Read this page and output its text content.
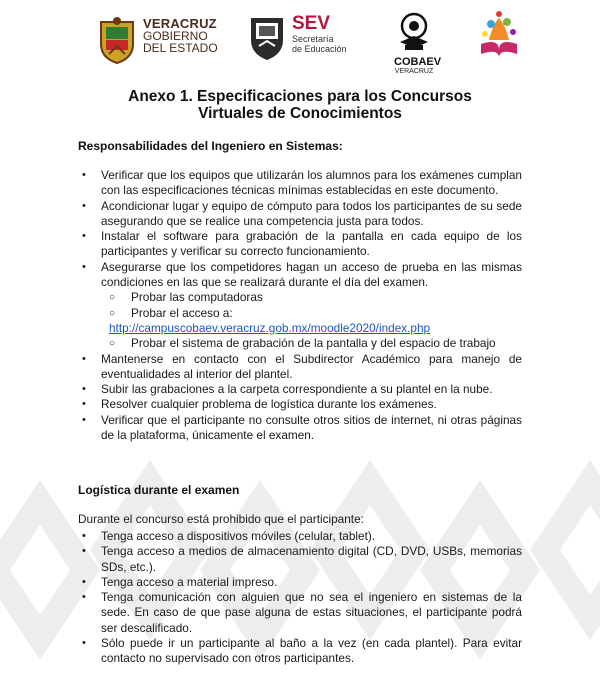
VERACRUZ
GOBIERNO
DEL ESTADO
SEV
Secretaría
de Educación
COBAEV
VERACRUZ
Anexo 1. Especificaciones para los Concursos
Virtuales de Conocimientos
Responsabilidades del Ingeniero en Sistemas:
• Verificar que los equipos que utilizarán los alumnos para los exámenes cumplan con las especificaciones técnicas mínimas establecidas en este documento.
• Acondicionar lugar y equipo de cómputo para todos los participantes de su sede asegurando que se realice una competencia justa para todos.
• Instalar el software para grabación de la pantalla en cada equipo de los participantes y verificar su correcto funcionamiento.
• Asegurarse que los competidores hagan un acceso de prueba en las mismas condiciones en las que se realizará durante el día del examen.
○ Probar las computadoras
○ Probar el acceso a:
http://campuscobaev.veracruz.gob.mx/moodle2020/index.php
○ Probar el sistema de grabación de la pantalla y del espacio de trabajo
• Mantenerse en contacto con el Subdirector Académico para manejo de eventualidades al interior del plantel.
• Subir las grabaciones a la carpeta correspondiente a su plantel en la nube.
• Resolver cualquier problema de logística durante los exámenes.
• Verificar que el participante no consulte otros sitios de internet, ni otras páginas de la plataforma, únicamente el examen.
Logística durante el examen
Durante el concurso está prohibido que el participante:
• Tenga acceso a dispositivos móviles (celular, tablet).
• Tenga acceso a medios de almacenamiento digital (CD, DVD, USBs, memorias SDs, etc.).
• Tenga acceso a material impreso.
• Tenga comunicación con alguien que no sea el ingeniero en sistemas de la sede. En caso de que pase alguna de estas situaciones, el participante podrá ser descalificado.
• Sólo puede ir un participante al baño a la vez (en cada plantel). Para evitar contacto no supervisado con otros participantes.
